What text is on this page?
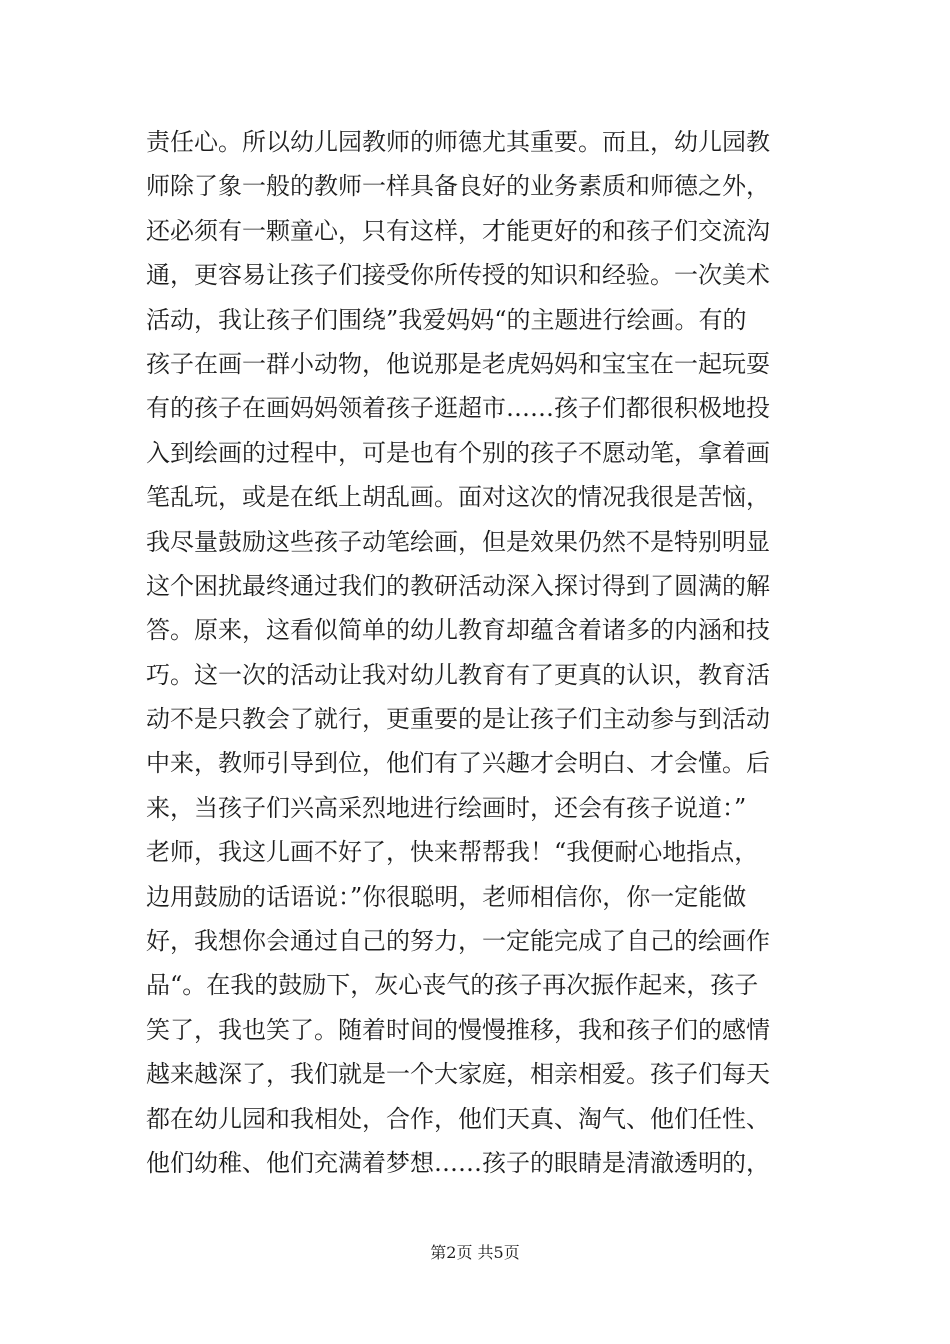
责任心。所以幼儿园教师的师德尤其重要。而且，幼儿园教
师除了象一般的教师一样具备良好的业务素质和师德之外，
还必须有一颗童心，只有这样，才能更好的和孩子们交流沟
通，更容易让孩子们接受你所传授的知识和经验。一次美术
活动，我让孩子们围绕”我爱妈妈“的主题进行绘画。有的
孩子在画一群小动物，他说那是老虎妈妈和宝宝在一起玩耍
有的孩子在画妈妈领着孩子逛超市……孩子们都很积极地投
入到绘画的过程中，可是也有个别的孩子不愿动笔，拿着画
笔乱玩，或是在纸上胡乱画。面对这次的情况我很是苦恼，
我尽量鼓励这些孩子动笔绘画，但是效果仍然不是特别明显
这个困扰最终通过我们的教研活动深入探讨得到了圆满的解
答。原来，这看似简单的幼儿教育却蕴含着诸多的内涵和技
巧。这一次的活动让我对幼儿教育有了更真的认识，教育活
动不是只教会了就行，更重要的是让孩子们主动参与到活动
中来，教师引导到位，他们有了兴趣才会明白、才会懂。后
来，当孩子们兴高采烈地进行绘画时，还会有孩子说道：”
老师，我这儿画不好了，快来帮帮我！“我便耐心地指点，
边用鼓励的话语说：”你很聪明，老师相信你，你一定能做
好，我想你会通过自己的努力，一定能完成了自己的绘画作
品“。在我的鼓励下，灰心丧气的孩子再次振作起来，孩子
笑了，我也笑了。随着时间的慢慢推移，我和孩子们的感情
越来越深了，我们就是一个大家庭，相亲相爱。孩子们每天
都在幼儿园和我相处，合作，他们天真、淘气、他们任性、
他们幼稚、他们充满着梦想……孩子的眼睛是清澈透明的，
第2页 共5页
